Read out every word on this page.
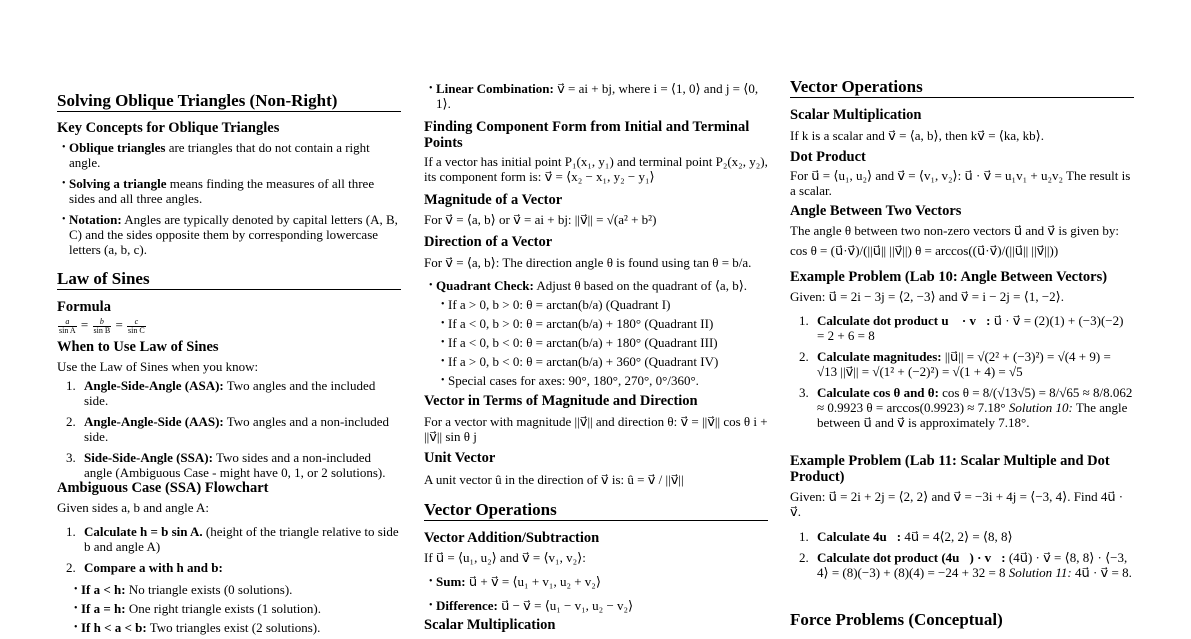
Solving Oblique Triangles (Non-Right)
Key Concepts for Oblique Triangles
• Oblique triangles are triangles that do not contain a right angle.
• Solving a triangle means finding the measures of all three sides and all three angles.
• Notation: Angles are typically denoted by capital letters (A, B, C) and the sides opposite them by corresponding lowercase letters (a, b, c).
Law of Sines
Formula
$\frac{a}{\text{sin A}} = \frac{b}{\text{sin B}} = \frac{c}{\text{sin C}}$
When to Use Law of Sines

Use the Law of Sines when you know:

1. Angle-Side-Angle (ASA): Two angles and the included side.
2. Angle-Angle-Side (AAS): Two angles and a non-included side.
3. Side-Side-Angle (SSA): Two sides and a non-included angle (Ambiguous Case - might have 0, 1, or 2 solutions).
Ambiguous Case (SSA) Flowchart

Given sides a, b and angle A:

1. Calculate h = b sin A. (height of the triangle relative to side b and angle A)
2. Compare a with h and b:
• If a < h: No triangle exists (0 solutions).
• If a = h: One right triangle exists (1 solution).
• If h < a < b: Two triangles exist (2 solutions).
• Linear Combination: v⃗ = ai + bj, where i = ⟨1, 0⟩ and j = ⟨0, 1⟩.
Finding Component Form from Initial and Terminal Points

If a vector has initial point P₁(x₁, y₁) and terminal point P₂(x₂, y₂), its component form is: v⃗ = ⟨x₂ − x₁, y₂ − y₁⟩

Magnitude of a Vector

For v⃗ = ⟨a, b⟩ or v⃗ = ai + bj: ||v⃗|| = √(a² + b²)

Direction of a Vector

For v⃗ = ⟨a, b⟩: The direction angle θ is found using tan θ = b/a.

• Quadrant Check: Adjust θ based on the quadrant of ⟨a, b⟩.
• If a > 0, b > 0: θ = arctan(b/a) (Quadrant I)
• If a < 0, b > 0: θ = arctan(b/a) + 180° (Quadrant II)
• If a < 0, b < 0: θ = arctan(b/a) + 180° (Quadrant III)
• If a > 0, b < 0: θ = arctan(b/a) + 360° (Quadrant IV)
• Special cases for axes: 90°, 180°, 270°, 0°/360°.
Vector in Terms of Magnitude and Direction

For a vector with magnitude ||v⃗|| and direction θ: v⃗ = ||v⃗|| cos θ i + ||v⃗|| sin θ j

Unit Vector

A unit vector û in the direction of v⃗ is: û = v⃗ / ||v⃗||

Vector Operations
Vector Addition/Subtraction

If u⃗ = ⟨u₁, u₂⟩ and v⃗ = ⟨v₁, v₂⟩:

• Sum: u⃗ + v⃗ = ⟨u₁ + v₁, u₂ + v₂⟩
• Difference: u⃗ − v⃗ = ⟨u₁ − v₁, u₂ − v₂⟩
Scalar Multiplication
Vector Operations
Scalar Multiplication

If k is a scalar and v⃗ = ⟨a, b⟩, then kv⃗ = ⟨ka, kb⟩.

Dot Product

For u⃗ = ⟨u₁, u₂⟩ and v⃗ = ⟨v₁, v₂⟩: u⃗ · v⃗ = u₁v₁ + u₂v₂ The result is a scalar.

Angle Between Two Vectors

The angle θ between two non-zero vectors u⃗ and v⃗ is given by:

cos θ = (u⃗·v⃗)/(||u⃗|| ||v⃗||) θ = arccos((u⃗·v⃗)/(||u⃗|| ||v⃗||))

Example Problem (Lab 10: Angle Between Vectors)

Given: u⃗ = 2i − 3j = ⟨2, −3⟩ and v⃗ = i − 2j = ⟨1, −2⟩.

1. Calculate dot product u⃗ · v⃗: u⃗ · v⃗ = (2)(1) + (−3)(−2) = 2 + 6 = 8
2. Calculate magnitudes: ||u⃗|| = √(2² + (−3)²) = √(4 + 9) = √13 ||v⃗|| = √(1² + (−2)²) = √(1 + 4) = √5
3. Calculate cos θ and θ: cos θ = 8/(√13√5) = 8/√65 ≈ 8/8.062 ≈ 0.9923 θ = arccos(0.9923) ≈ 7.18° Solution 10: The angle between u⃗ and v⃗ is approximately 7.18°.
Example Problem (Lab 11: Scalar Multiple and Dot Product)

Given: u⃗ = 2i + 2j = ⟨2, 2⟩ and v⃗ = −3i + 4j = ⟨−3, 4⟩. Find 4u⃗ · v⃗.

1. Calculate 4u⃗: 4u⃗ = 4⟨2, 2⟩ = ⟨8, 8⟩
2. Calculate dot product (4u⃗) · v⃗: (4u⃗) · v⃗ = ⟨8, 8⟩ · ⟨−3, 4⟩ = (8)(−3) + (8)(4) = −24 + 32 = 8 Solution 11: 4u⃗ · v⃗ = 8.
Force Problems (Conceptual)
